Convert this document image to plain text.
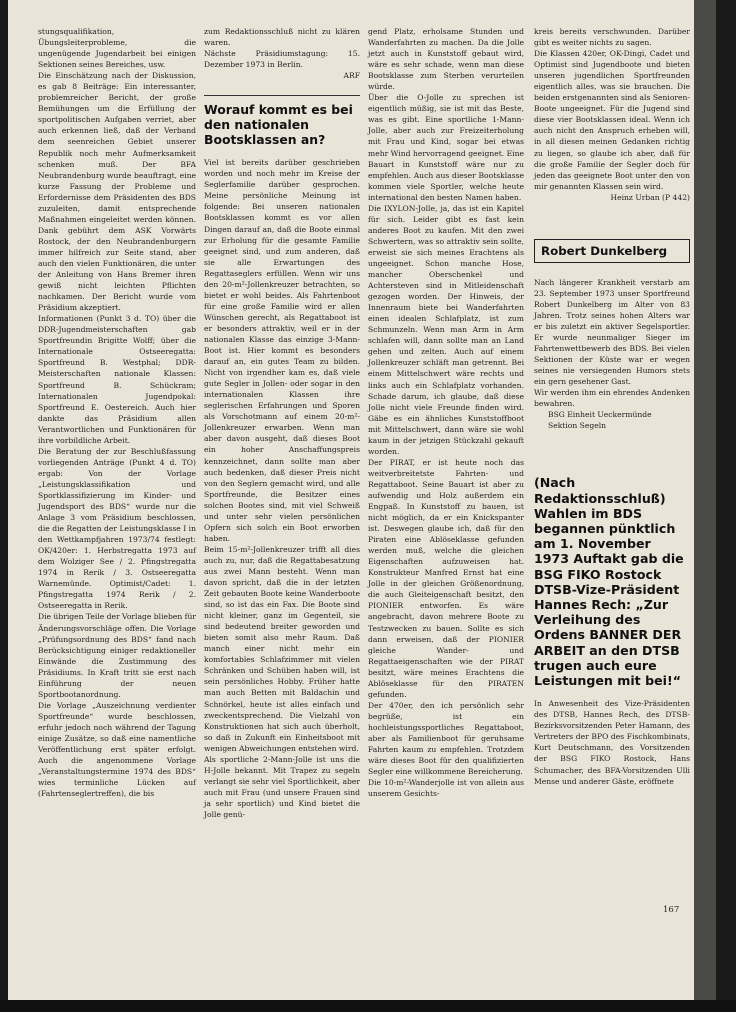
stungsqualifikation, Übungsleiterprobleme, die ungenügende Jugendarbeit bei einigen Sektionen seines Bereiches, usw.

Die Einschätzung nach der Diskussion, es gab 8 Beiträge: Ein interessanter, problemreicher Bericht, der große Bemühungen um die Erfüllung der sportpolitischen Aufgaben verriet, aber auch erkennen ließ, daß der Verband dem seenreichen Gebiet unserer Republik noch mehr Aufmerksamkeit schenken muß. Der BFA Neubrandenburg wurde beauftragt, eine kurze Fassung der Probleme und Erfordernisse dem Präsidenten des BDS zuzuleiten, damit entsprechende Maßnahmen eingeleitet werden können. Dank gebührt dem ASK Vorwärts Rostock, der den Neubrandenburgern immer hilfreich zur Seite stand, aber auch den vielen Funktionären, die unter der Anleitung von Hans Bremer ihren gewiß nicht leichten Pflichten nachkamen. Der Bericht wurde vom Präsidium akzeptiert.

Informationen (Punkt 3 d. TO) über die DDR-Jugendmeisterschaften gab Sportfreundin Brigitte Wolff; über die Internationale Ostseeregatta: Sportfreund B. Westphal; DDR-Meisterschaften nationale Klassen: Sportfreund B. Schückram; Internationalen Jugendpokal: Sportfreund E. Oestereich. Auch hier dankte das Präsidium allen Verantwortlichen und Funktionären für ihre vorbildliche Arbeit.

Die Beratung der zur Beschlußfassung vorliegenden Anträge (Punkt 4 d. TO) ergab: Von der Vorlage „Leistungsklassifikation und Sportklassifizierung im Kinder- und Jugendsport des BDS“ wurde nur die Anlage 3 vom Präsidium beschlossen, die die Regatten der Leistungsklasse I in den Wettkampfjahren 1973/74 festlegt: OK/420er: 1. Herbstregatta 1973 auf dem Wolziger See / 2. Pfingstregatta 1974 in Rerik / 3. Ostseeregatta Warnemünde. Optimist/Cadet: 1. Pfingstregatta 1974 Rerik / 2. Ostseeregatta in Rerik.

Die übrigen Teile der Vorlage blieben für Änderungsvorschläge offen. Die Vorlage „Prüfungsordnung des BDS“ fand nach Berücksichtigung einiger redaktioneller Einwände die Zustimmung des Präsidiums. In Kraft tritt sie erst nach Einführung der neuen Sportbootanordnung.

Die Vorlage „Auszeichnung verdienter Sportfreunde“ wurde beschlossen, erfuhr jedoch noch während der Tagung einige Zusätze, so daß eine namentliche Veröffentlichung erst später erfolgt. Auch die angenommene Vorlage „Veranstaltungstermine 1974 des BDS“ wies terminliche Lücken auf (Fahrtenseglertreffen), die bis

zum Redaktionsschluß nicht zu klären waren.

Nächste Präsidiumstagung: 15. Dezember 1973 in Berlin.

ARF

Worauf kommt es bei den nationalen Bootsklassen an?

Viel ist bereits darüber geschrieben worden und noch mehr im Kreise der Seglerfamilie darüber gesprochen. Meine persönliche Meinung ist folgende: Bei unseren nationalen Bootsklassen kommt es vor allen Dingen darauf an, daß die Boote einmal zur Erholung für die gesamte Familie geeignet sind, und zum anderen, daß sie alle Erwartungen des Regattaseglers erfüllen. Wenn wir uns den 20-m²-Jollenkreuzer betrachten, so bietet er wohl beides. Als Fahrtenboot für eine große Familie wird er allen Wünschen gerecht, als Regattaboot ist er besonders attraktiv, weil er in der nationalen Klasse das einzige 3-Mann-Boot ist. Hier kommt es besonders darauf an, ein gutes Team zu bilden. Nicht von irgendher kam es, daß viele gute Segler in Jollen- oder sogar in den internationalen Klassen ihre seglerischen Erfahrungen und Sporen als Vorschotmann auf einem 20-m²-Jollenkreuzer erwarben. Wenn man aber davon ausgeht, daß dieses Boot ein hoher Anschaffungspreis kennzeichnet, dann sollte man aber auch bedenken, daß dieser Preis nicht von den Seglern gemacht wird, und alle Sportfreunde, die Besitzer eines solchen Bootes sind, mit viel Schweiß und unter sehr vielen persönlichen Opfern sich solch ein Boot erworben haben.

Beim 15-m²-Jollenkreuzer trifft all dies auch zu, nur, daß die Regattabesatzung aus zwei Mann besteht. Wenn man davon spricht, daß die in der letzten Zeit gebauten Boote keine Wanderboote sind, so ist das ein Fax. Die Boote sind nicht kleiner, ganz im Gegenteil, sie sind bedeutend breiter geworden und bieten somit also mehr Raum. Daß manch einer nicht mehr ein komfortables Schlafzimmer mit vielen Schränken und Schüben haben will, ist sein persönliches Hobby. Früher hatte man auch Betten mit Baldachin und Schnörkel, heute ist alles einfach und zweckentsprechend. Die Vielzahl von Konstruktionen hat sich auch überholt, so daß in Zukunft ein Einheitsboot mit wenigen Abweichungen entstehen wird.

Als sportliche 2-Mann-Jolle ist uns die H-Jolle bekannt. Mit Trapez zu segeln verlangt sie sehr viel Sportlichkeit, aber auch mit Frau (und unsere Frauen sind ja sehr sportlich) und Kind bietet die Jolle genü-

gend Platz, erholsame Stunden und Wanderfahrten zu machen. Da die Jolle jetzt auch in Kunststoff gebaut wird, wäre es sehr schade, wenn man diese Bootsklasse zum Sterben verurteilen würde.

Über die O-Jolle zu sprechen ist eigentlich müßig, sie ist mit das Beste, was es gibt. Eine sportliche 1-Mann-Jolle, aber auch zur Freizeiterholung mit Frau und Kind, sogar bei etwas mehr Wind hervorragend geeignet. Eine Bauart in Kunststoff wäre nur zu empfehlen. Auch aus dieser Bootsklasse kommen viele Sportler, welche heute international den besten Namen haben.

Die IXYLON-Jolle, ja, das ist ein Kapitel für sich. Leider gibt es fast kein anderes Boot zu kaufen. Mit den zwei Schwertern, was so attraktiv sein sollte, erweist sie sich meines Erachtens als ungeeignet. Schon manche Hose, mancher Oberschenkel und Achtersteven sind in Mitleidenschaft gezogen worden. Der Hinweis, der Innenraum biete bei Wanderfahrten einen idealen Schlafplatz, ist zum Schmunzeln. Wenn man Arm in Arm schlafen will, dann sollte man an Land gehen und zelten. Auch auf einem Jollenkreuzer schläft man getrennt. Bei einem Mittelschwert wäre rechts und links auch ein Schlafplatz vorhanden. Schade darum, ich glaube, daß diese Jolle nicht viele Freunde finden wird. Gäbe es ein ähnliches Kunststoffboot mit Mittelschwert, dann wäre sie wohl kaum in der jetzigen Stückzahl gekauft worden.

Der PIRAT, er ist heute noch das weitverbreitetste Fahrten- und Regattaboot. Seine Bauart ist aber zu aufwendig und Holz außerdem ein Engpaß. In Kunststoff zu bauen, ist nicht möglich, da er ein Knickspanter ist. Deswegen glaube ich, daß für den Piraten eine Ablöseklasse gefunden werden muß, welche die gleichen Eigenschaften aufzuweisen hat. Konstrukteur Manfred Ernst hat eine Jolle in der gleichen Größenordnung, die auch Gleiteigenschaft besitzt, den PIONIER entworfen. Es wäre angebracht, davon mehrere Boote zu Testzwecken zu bauen. Sollte es sich dann erweisen, daß der PIONIER gleiche Wander- und Regattaeigenschaften wie der PIRAT besitzt, wäre meines Erachtens die Ablöseklasse für den PIRATEN gefunden.

Der 470er, den ich persönlich sehr begrüße, ist ein hochleistungssportliches Regattaboot, aber als Familienboot für geruhsame Fahrten kaum zu empfehlen. Trotzdem wäre dieses Boot für den qualifizierten Segler eine willkommene Bereicherung.

Die 10-m²-Wanderjolle ist von allein aus unserem Gesichts-

kreis bereits verschwunden. Darüber gibt es weiter nichts zu sagen.

Die Klassen 420er, OK-Dingi, Cadet und Optimist sind Jugendboote und bieten unseren jugendlichen Sportfreunden eigentlich alles, was sie brauchen. Die beiden erstgenannten sind als Senioren-Boote ungeeignet. Für die Jugend sind diese vier Bootsklassen ideal. Wenn ich auch nicht den Anspruch erheben will, in all diesen meinen Gedanken richtig zu liegen, so glaube ich aber, daß für die große Familie der Segler doch für jeden das geeignete Boot unter den von mir genannten Klassen sein wird.

Heinz Urban (P 442)

Robert Dunkelberg

Nach längerer Krankheit verstarb am 23. September 1973 unser Sportfreund Robert Dunkelberg im Alter von 83 Jahren. Trotz seines hohen Alters war er bis zuletzt ein aktiver Segelsportler. Er wurde neunmaliger Sieger im Fahrtenwettbewerb des BDS. Bei vielen Sektionen der Küste war er wegen seines nie versiegenden Humors stets ein gern gesehener Gast.

Wir werden ihm ein ehrendes Andenken bewahren.

BSG Einheit Ueckermünde

Sektion Segeln

(Nach Redaktionsschluß) Wahlen im BDS begannen pünktlich am 1. November 1973 Auftakt gab die BSG FIKO Rostock DTSB-Vize-Präsident Hannes Rech: „Zur Verleihung des Ordens BANNER DER ARBEIT an den DTSB trugen auch eure Leistungen mit bei!“

In Anwesenheit des Vize-Präsidenten des DTSB, Hannes Rech, des DTSB-Bezirksvorsitzenden Peter Hamann, des Vertreters der BPO des Fischkombinats, Kurt Deutschmann, des Vorsitzenden der BSG FIKO Rostock, Hans Schumacher, des BFA-Vorsitzenden Ulli Mense und anderer Gäste, eröffnete

167
